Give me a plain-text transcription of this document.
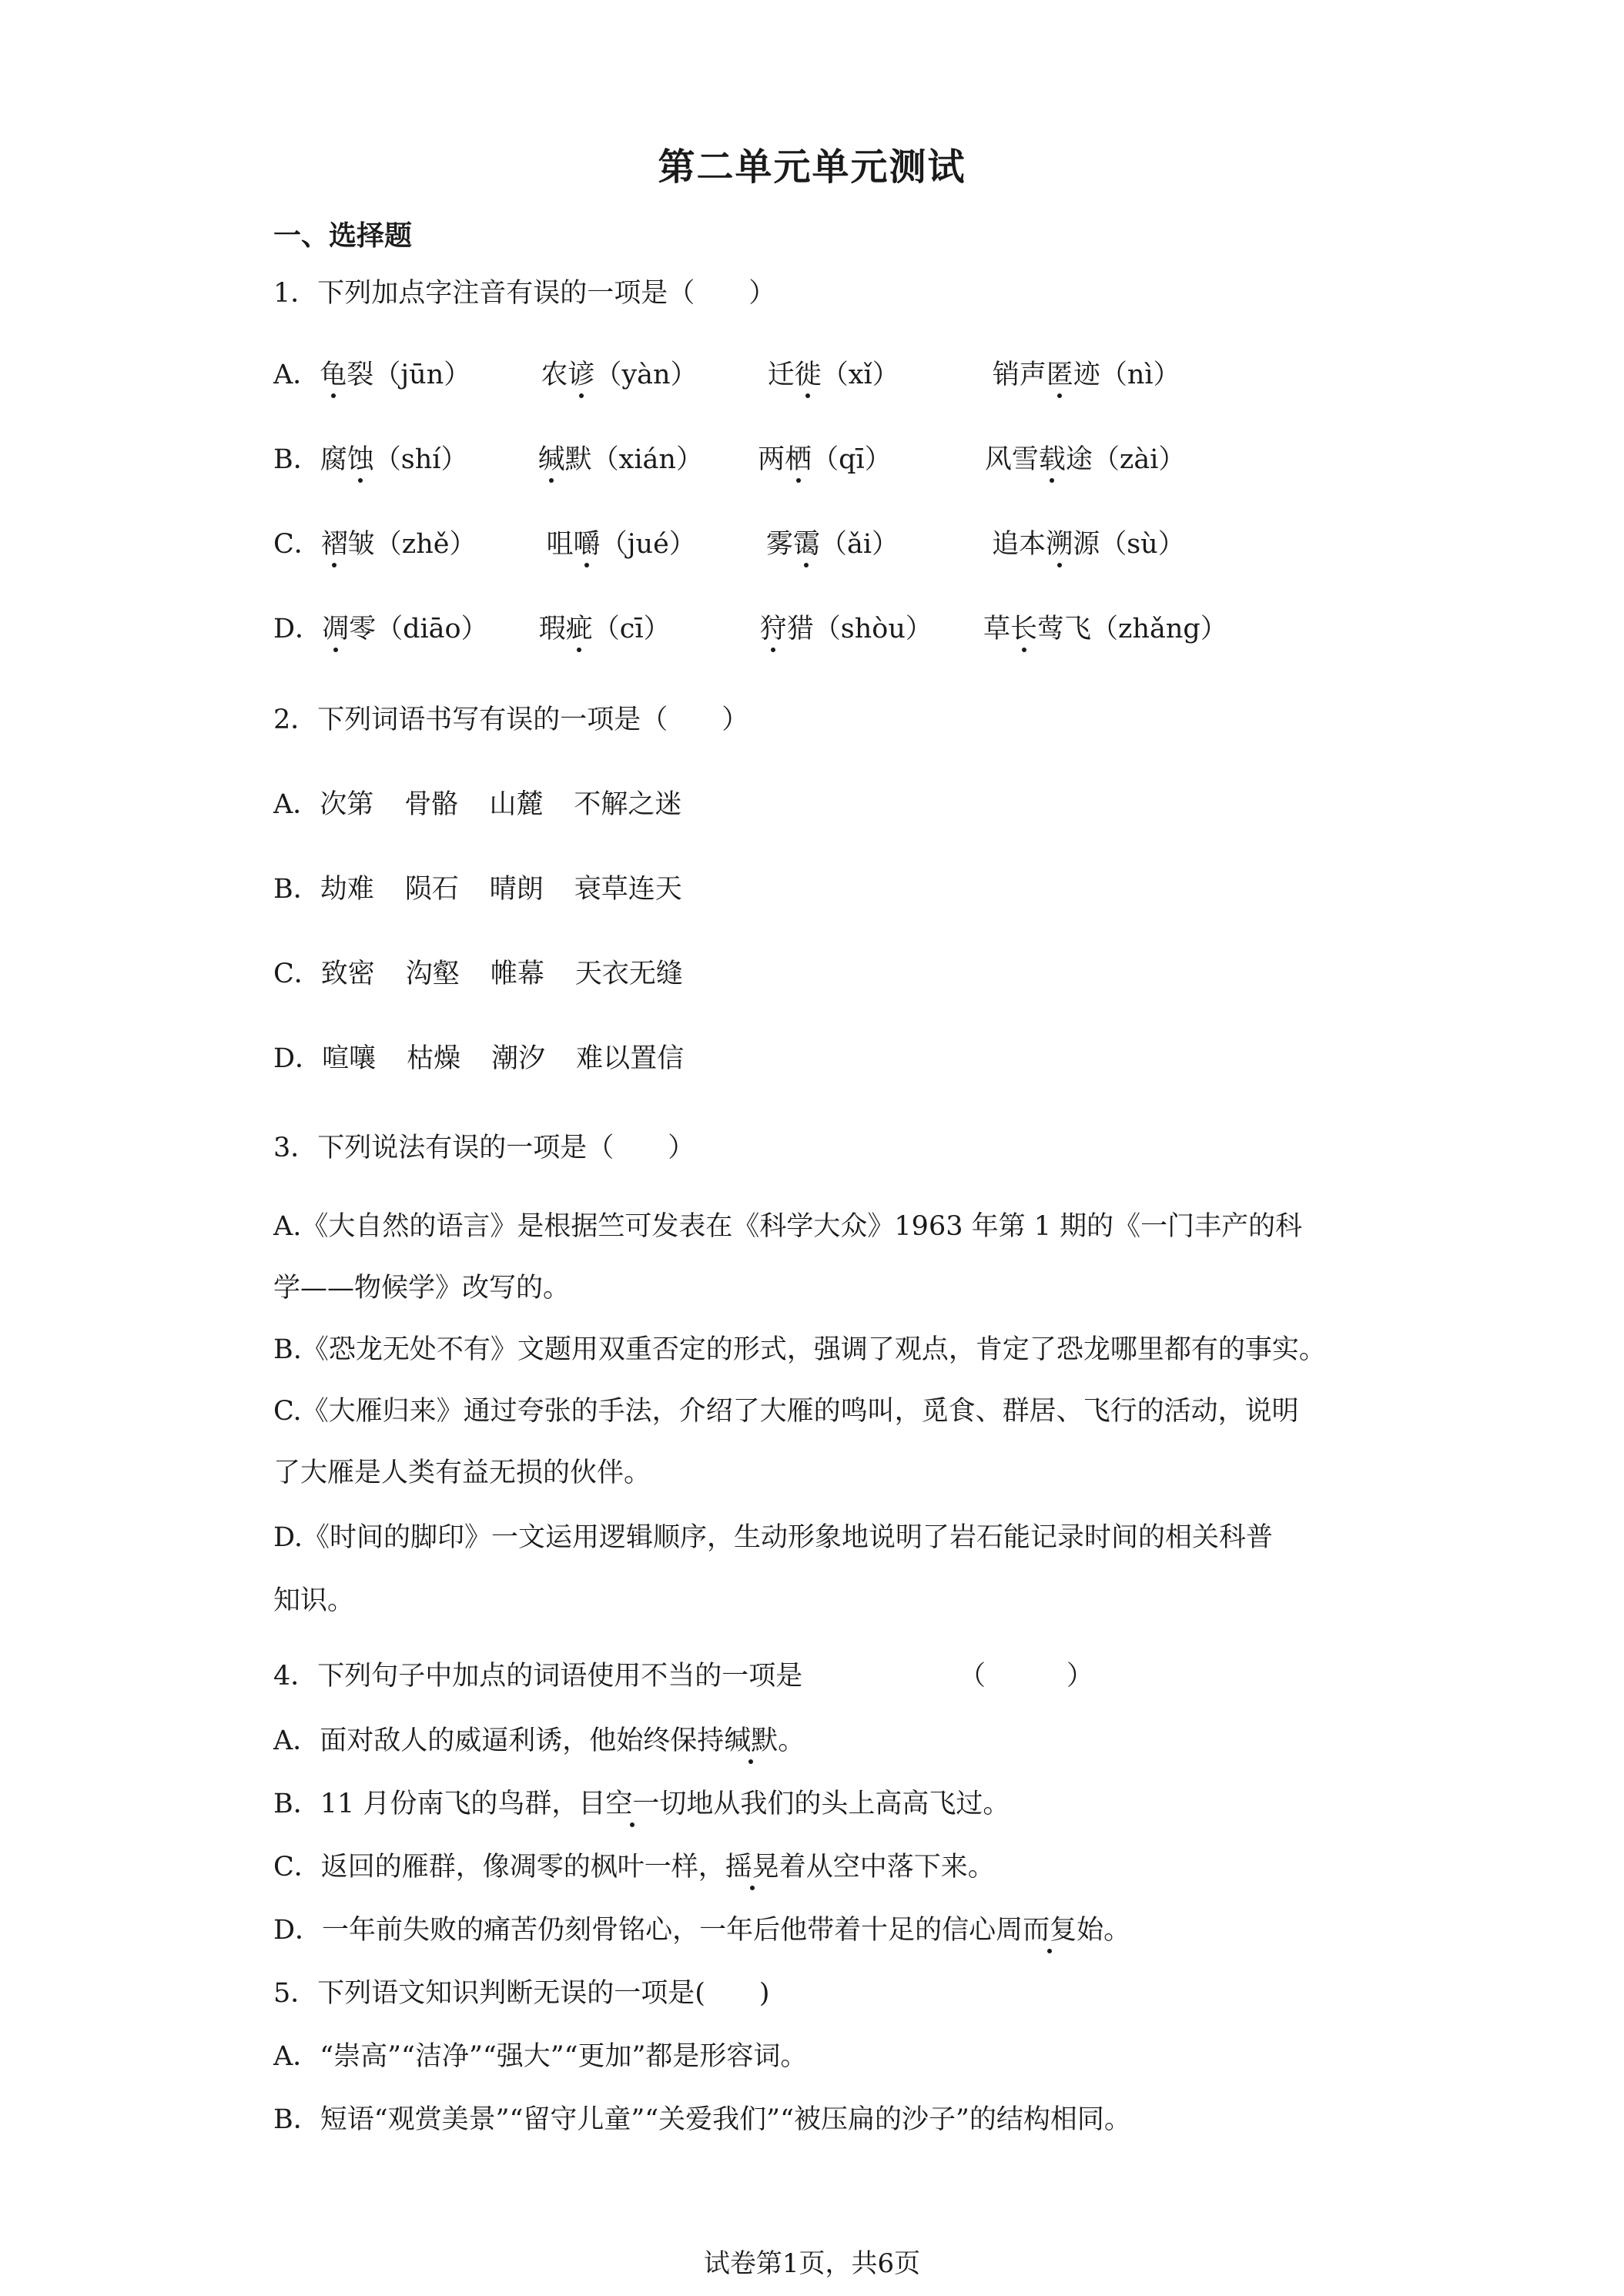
第二单元单元测试
一、选择题
1．下列加点字注音有误的一项是（　　）
A．龟裂（jūn）	农谚（yàn）	迁徙（xǐ）	销声匿迹（nì）
B．腐蚀（shí）	缄默（xián） 两栖（qī）	风雪载途（zài）
C．褶皱（zhě）	咀嚼（jué）	雾霭（ǎi）	追本溯源（sù）
D．凋零（diāo） 瑕疵（cī）	狩猎（shòu） 草长莺飞（zhǎng）
2．下列词语书写有误的一项是（　　）
A．次第 骨骼 山麓 不解之迷
B．劫难 陨石 晴朗 衰草连天
C．致密 沟壑 帷幕 天衣无缝
D．喧嚷 枯燥 潮汐 难以置信
3．下列说法有误的一项是（　　）
A.《大自然的语言》是根据竺可发表在《科学大众》1963 年第 1 期的《一门丰产的科
学——物候学》改写的。
B.《恐龙无处不有》文题用双重否定的形式，强调了观点，肯定了恐龙哪里都有的事实。
C.《大雁归来》通过夸张的手法，介绍了大雁的鸣叫，觅食、群居、飞行的活动，说明
了大雁是人类有益无损的伙伴。
D.《时间的脚印》一文运用逻辑顺序，生动形象地说明了岩石能记录时间的相关科普
知识。
4．下列句子中加点的词语使用不当的一项是	（　　　）
A．面对敌人的威逼利诱，他始终保持缄默。
B．11 月份南飞的鸟群，目空一切地从我们的头上高高飞过。
C．返回的雁群，像凋零的枫叶一样，摇晃着从空中落下来。
D．一年前失败的痛苦仍刻骨铭心，一年后他带着十足的信心周而复始。
5．下列语文知识判断无误的一项是(　　)
A．“崇高”“洁净”“强大”“更加”都是形容词。
B．短语“观赏美景”“留守儿童”“关爱我们”“被压扁的沙子”的结构相同。
试卷第1页，共6页
